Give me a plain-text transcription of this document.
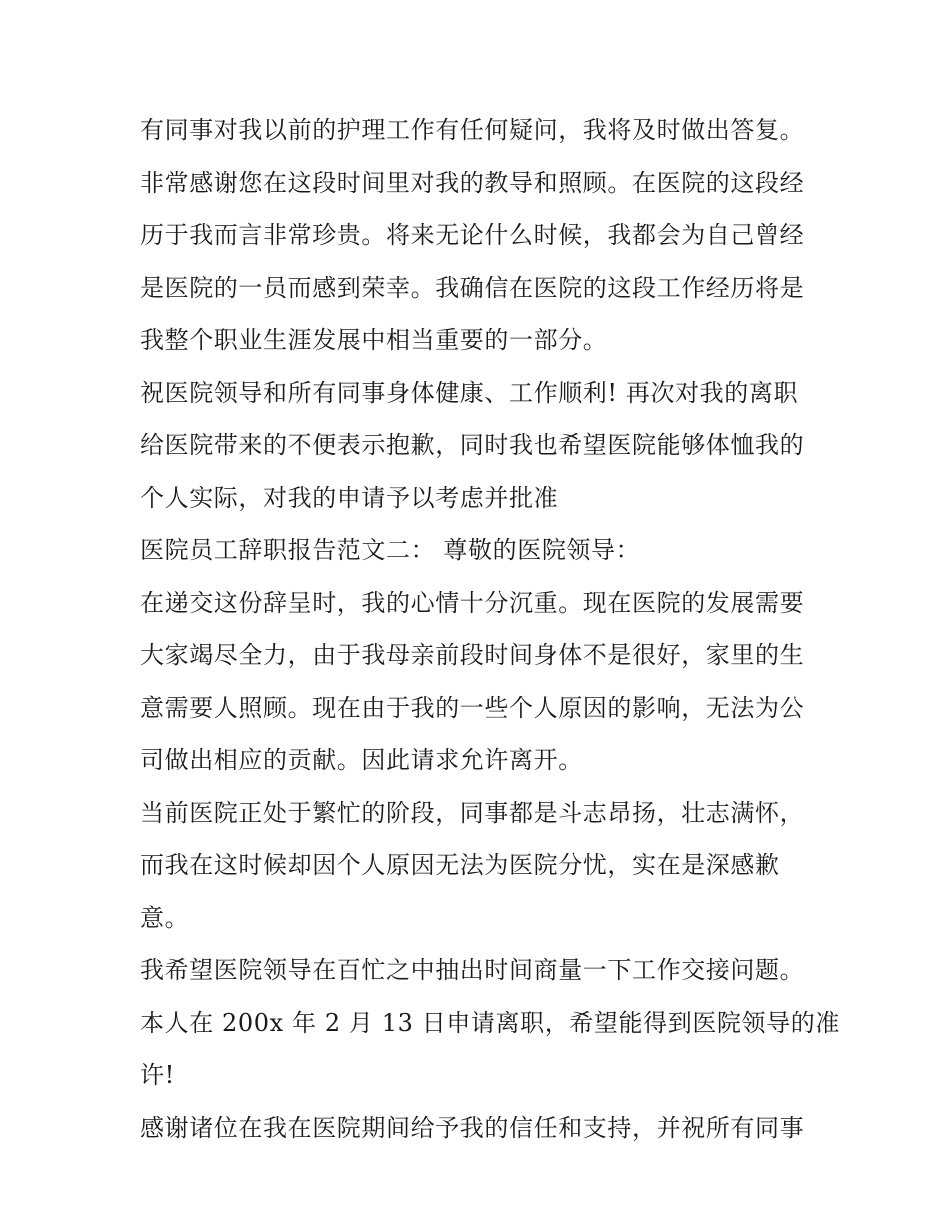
有同事对我以前的护理工作有任何疑问，我将及时做出答复。
非常感谢您在这段时间里对我的教导和照顾。在医院的这段经
历于我而言非常珍贵。将来无论什么时候，我都会为自己曾经
是医院的一员而感到荣幸。我确信在医院的这段工作经历将是
我整个职业生涯发展中相当重要的一部分。
祝医院领导和所有同事身体健康、工作顺利! 再次对我的离职
给医院带来的不便表示抱歉，同时我也希望医院能够体恤我的
个人实际，对我的申请予以考虑并批准
医院员工辞职报告范文二： 尊敬的医院领导：
在递交这份辞呈时，我的心情十分沉重。现在医院的发展需要
大家竭尽全力，由于我母亲前段时间身体不是很好，家里的生
意需要人照顾。现在由于我的一些个人原因的影响，无法为公
司做出相应的贡献。因此请求允许离开。
当前医院正处于繁忙的阶段，同事都是斗志昂扬，壮志满怀，
而我在这时候却因个人原因无法为医院分忧，实在是深感歉
意。
我希望医院领导在百忙之中抽出时间商量一下工作交接问题。
本人在 200x 年 2 月 13 日申请离职，希望能得到医院领导的准
许!
感谢诸位在我在医院期间给予我的信任和支持，并祝所有同事
